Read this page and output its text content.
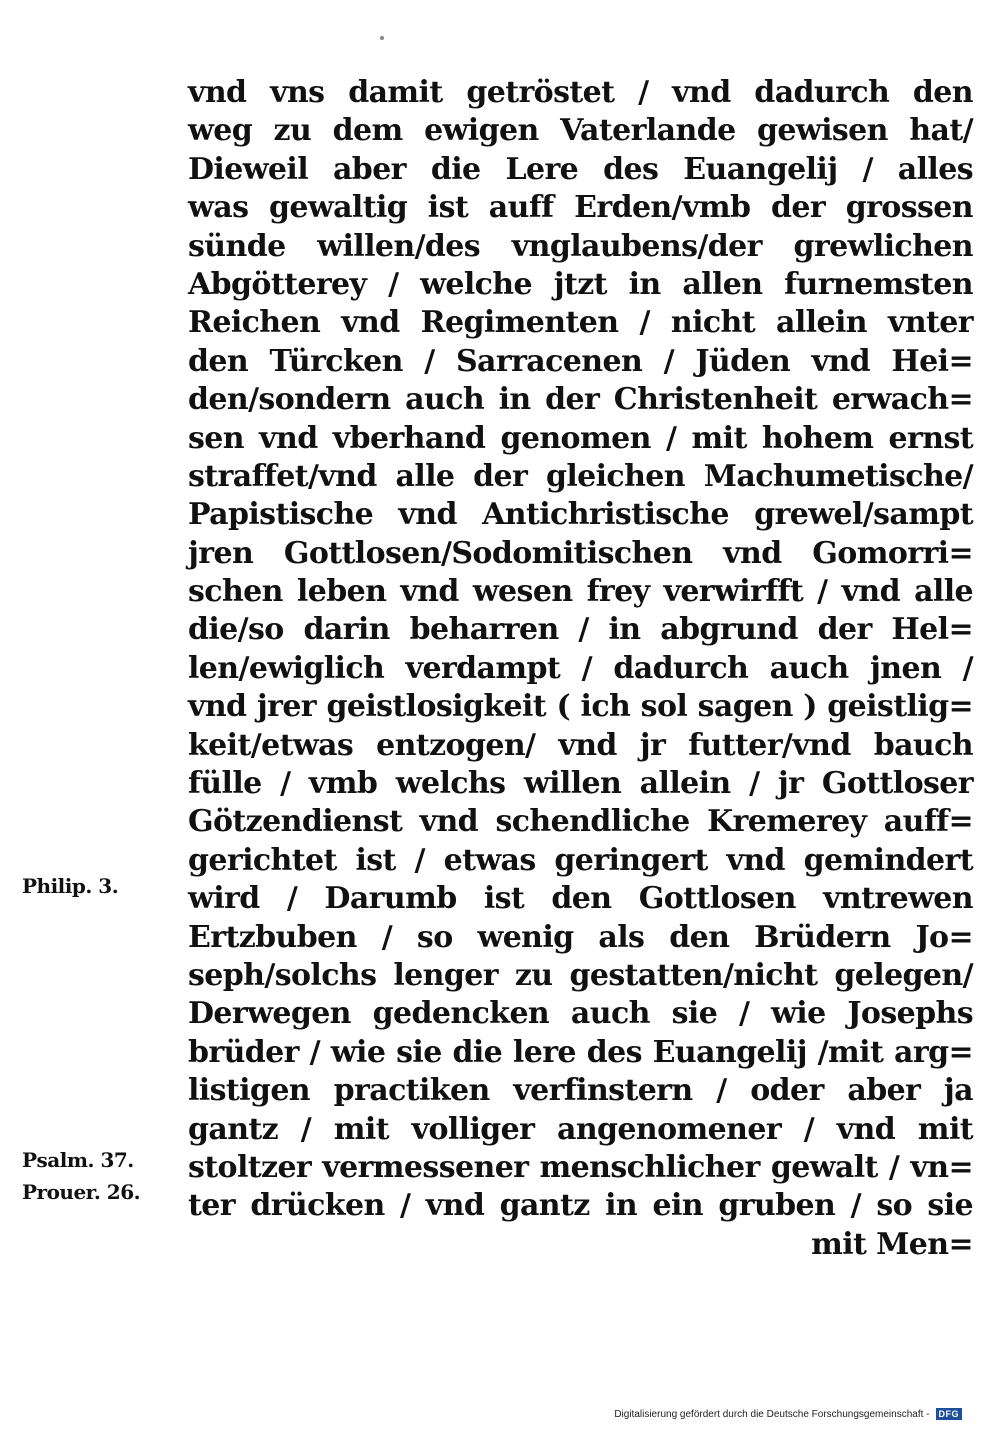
vnd vns damit getröstet / vnd dadurch den
weg zu dem ewigen Vaterlande gewisen hat/
Dieweil aber die Lere des Euangelij / alles
was gewaltig ist auff Erden/vmb der grossen
sünde willen/des vnglaubens/der grewlichen
Abgötterey / welche jtzt in allen furnemsten
Reichen vnd Regimenten / nicht allein vnter
den Türcken / Sarracenen / Jüden vnd Hei=
den/sondern auch in der Christenheit erwach=
sen vnd vberhand genomen / mit hohem ernst
straffet/vnd alle der gleichen Machumetische/
Papistische vnd Antichristische grewel/sampt
jren Gottlosen/Sodomitischen vnd Gomorri=
schen leben vnd wesen frey verwirfft / vnd alle
die/so darin beharren / in abgrund der Hel=
len/ewiglich verdampt / dadurch auch jnen /
vnd jrer geistlosigkeit ( ich sol sagen ) geistlig=
keit/etwas entzogen/ vnd jr futter/vnd bauch
fülle / vmb welchs willen allein / jr Gottloser
Götzendienst vnd schendliche Kremerey auff=
gerichtet ist / etwas geringert vnd gemindert
wird / Darumb ist den Gottlosen vntrewen
Ertzbuben / so wenig als den Brüdern Jo=
seph/solchs lenger zu gestatten/nicht gelegen/
Derwegen gedencken auch sie / wie Josephs
brüder / wie sie die lere des Euangelij /mit arg=
listigen practiken verfinstern / oder aber ja
gantz / mit volliger angenomener / vnd mit
stoltzer vermessener menschlicher gewalt / vn=
ter drücken / vnd gantz in ein gruben / so sie
mit Men=
Philip. 3.
Psalm. 37.
Prouer. 26.
Digitalisierung gefördert durch die Deutsche Forschungsgemeinschaft -	DFG
